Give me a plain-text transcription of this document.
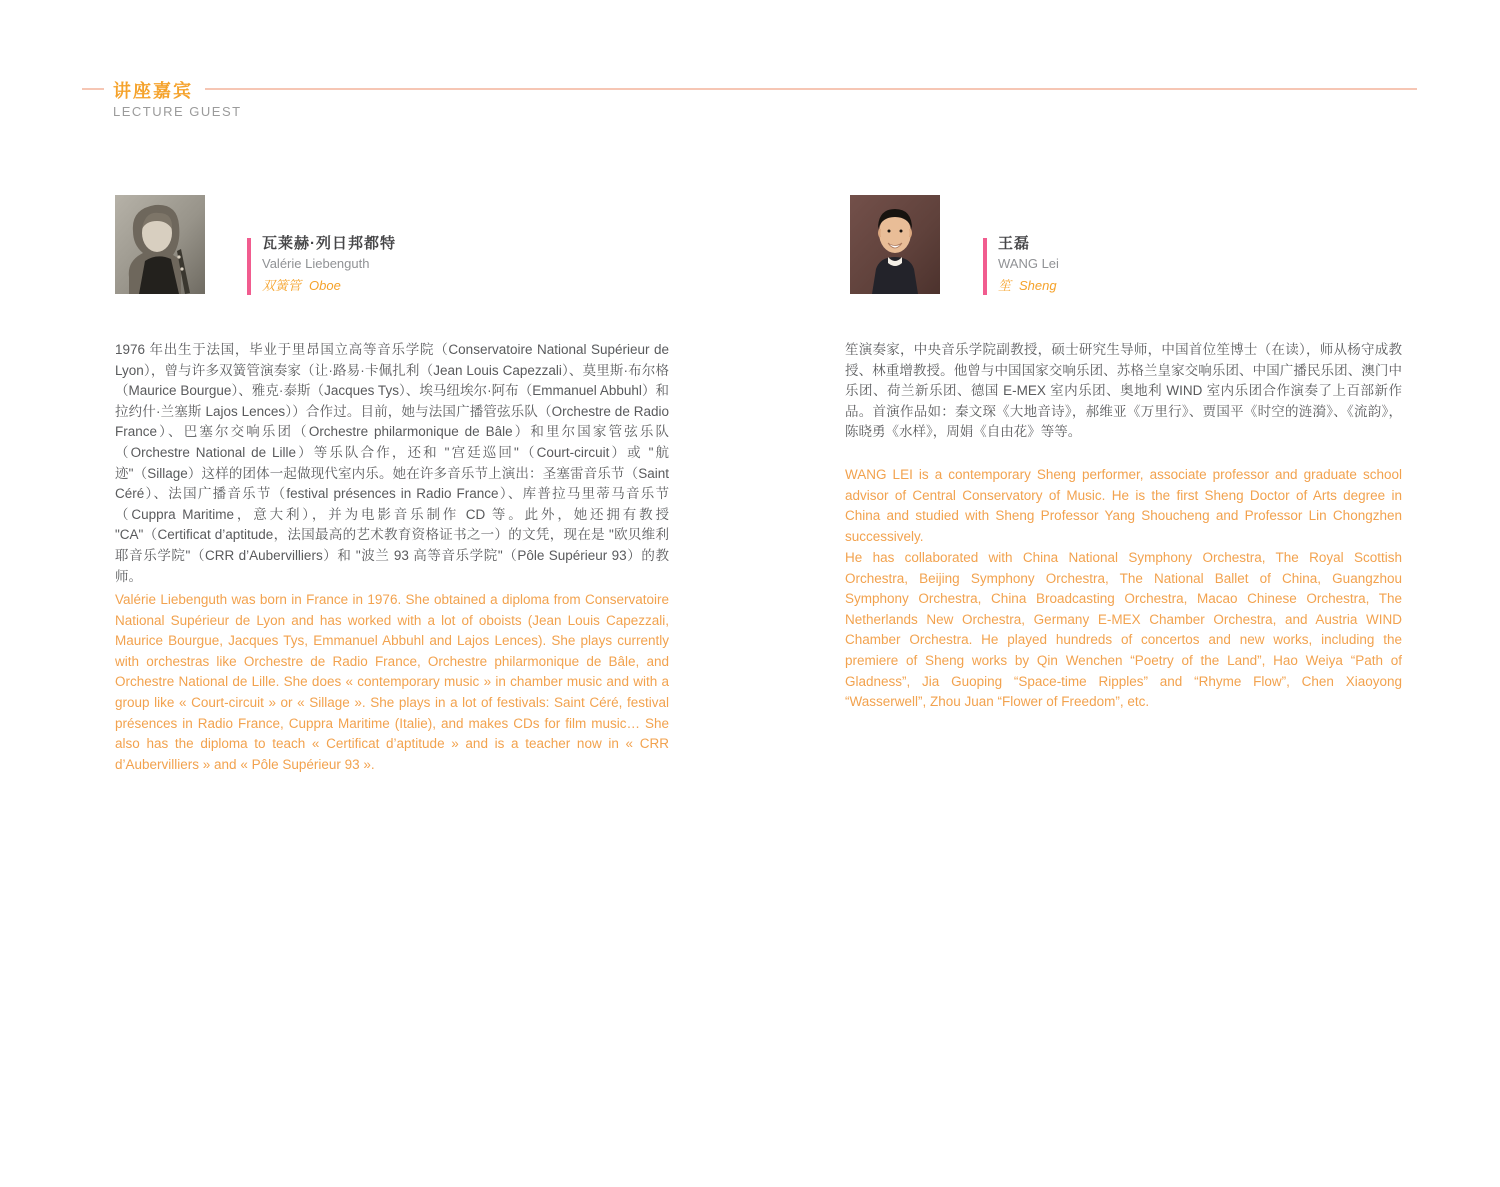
讲座嘉宾
LECTURE GUEST
瓦莱赫·列日邦都特
Valérie Liebenguth
双簧管 Oboe
王磊
WANG Lei
笙 Sheng
1976 年出生于法国，毕业于里昂国立高等音乐学院（Conservatoire National Supérieur de Lyon），曾与许多双簧管演奏家（让·路易·卡佩扎利（Jean Louis Capezzali）、莫里斯·布尔格（Maurice Bourgue）、雅克·泰斯（Jacques Tys）、埃马纽埃尔·阿布（Emmanuel Abbuhl）和拉约什·兰塞斯 Lajos Lences））合作过。目前，她与法国广播管弦乐队（Orchestre de Radio France）、巴塞尔交响乐团（Orchestre philarmonique de Bâle）和里尔国家管弦乐队（Orchestre National de Lille）等乐队合作，还和 "宫廷巡回"（Court-circuit）或 "航迹"（Sillage）这样的团体一起做现代室内乐。她在许多音乐节上演出：圣塞雷音乐节（Saint Céré）、法国广播音乐节（festival présences in Radio France）、库普拉马里蒂马音乐节（Cuppra Maritime，意大利），并为电影音乐制作 CD 等。此外，她还拥有教授 "CA"（Certificat d’aptitude，法国最高的艺术教育资格证书之一）的文凭，现在是 "欧贝维利耶音乐学院"（CRR d’Aubervilliers）和 "波兰 93 高等音乐学院"（Pôle Supérieur 93）的教师。
Valérie Liebenguth was born in France in 1976. She obtained a diploma from Conservatoire National Supérieur de Lyon and has worked with a lot of oboists (Jean Louis Capezzali, Maurice Bourgue, Jacques Tys, Emmanuel Abbuhl and Lajos Lences). She plays currently with orchestras like Orchestre de Radio France, Orchestre philarmonique de Bâle, and Orchestre National de Lille. She does « contemporary music » in chamber music and with a group like « Court-circuit » or « Sillage ». She plays in a lot of festivals: Saint Céré, festival présences in Radio France, Cuppra Maritime (Italie), and makes CDs for film music… She also has the diploma to teach « Certificat d’aptitude » and is a teacher now in « CRR d’Aubervilliers » and « Pôle Supérieur 93 ».
笙演奏家，中央音乐学院副教授，硕士研究生导师，中国首位笙博士（在读），师从杨守成教授、林重增教授。他曾与中国国家交响乐团、苏格兰皇家交响乐团、中国广播民乐团、澳门中乐团、荷兰新乐团、德国 E-MEX 室内乐团、奥地利 WIND 室内乐团合作演奏了上百部新作品。首演作品如：秦文琛《大地音诗》，郝维亚《万里行》、贾国平《时空的涟漪》、《流韵》，陈晓勇《水样》，周娟《自由花》等等。
WANG LEI is a contemporary Sheng performer, associate professor and graduate school advisor of Central Conservatory of Music. He is the first Sheng Doctor of Arts degree in China and studied with Sheng Professor Yang Shoucheng and Professor Lin Chongzhen successively.
He has collaborated with China National Symphony Orchestra, The Royal Scottish Orchestra, Beijing Symphony Orchestra, The National Ballet of China, Guangzhou Symphony Orchestra, China Broadcasting Orchestra, Macao Chinese Orchestra, The Netherlands New Orchestra, Germany E-MEX Chamber Orchestra, and Austria WIND Chamber Orchestra. He played hundreds of concertos and new works, including the premiere of Sheng works by Qin Wenchen “Poetry of the Land”, Hao Weiya “Path of Gladness”, Jia Guoping “Space-time Ripples” and “Rhyme Flow”, Chen Xiaoyong “Wasserwell”, Zhou Juan “Flower of Freedom”, etc.
